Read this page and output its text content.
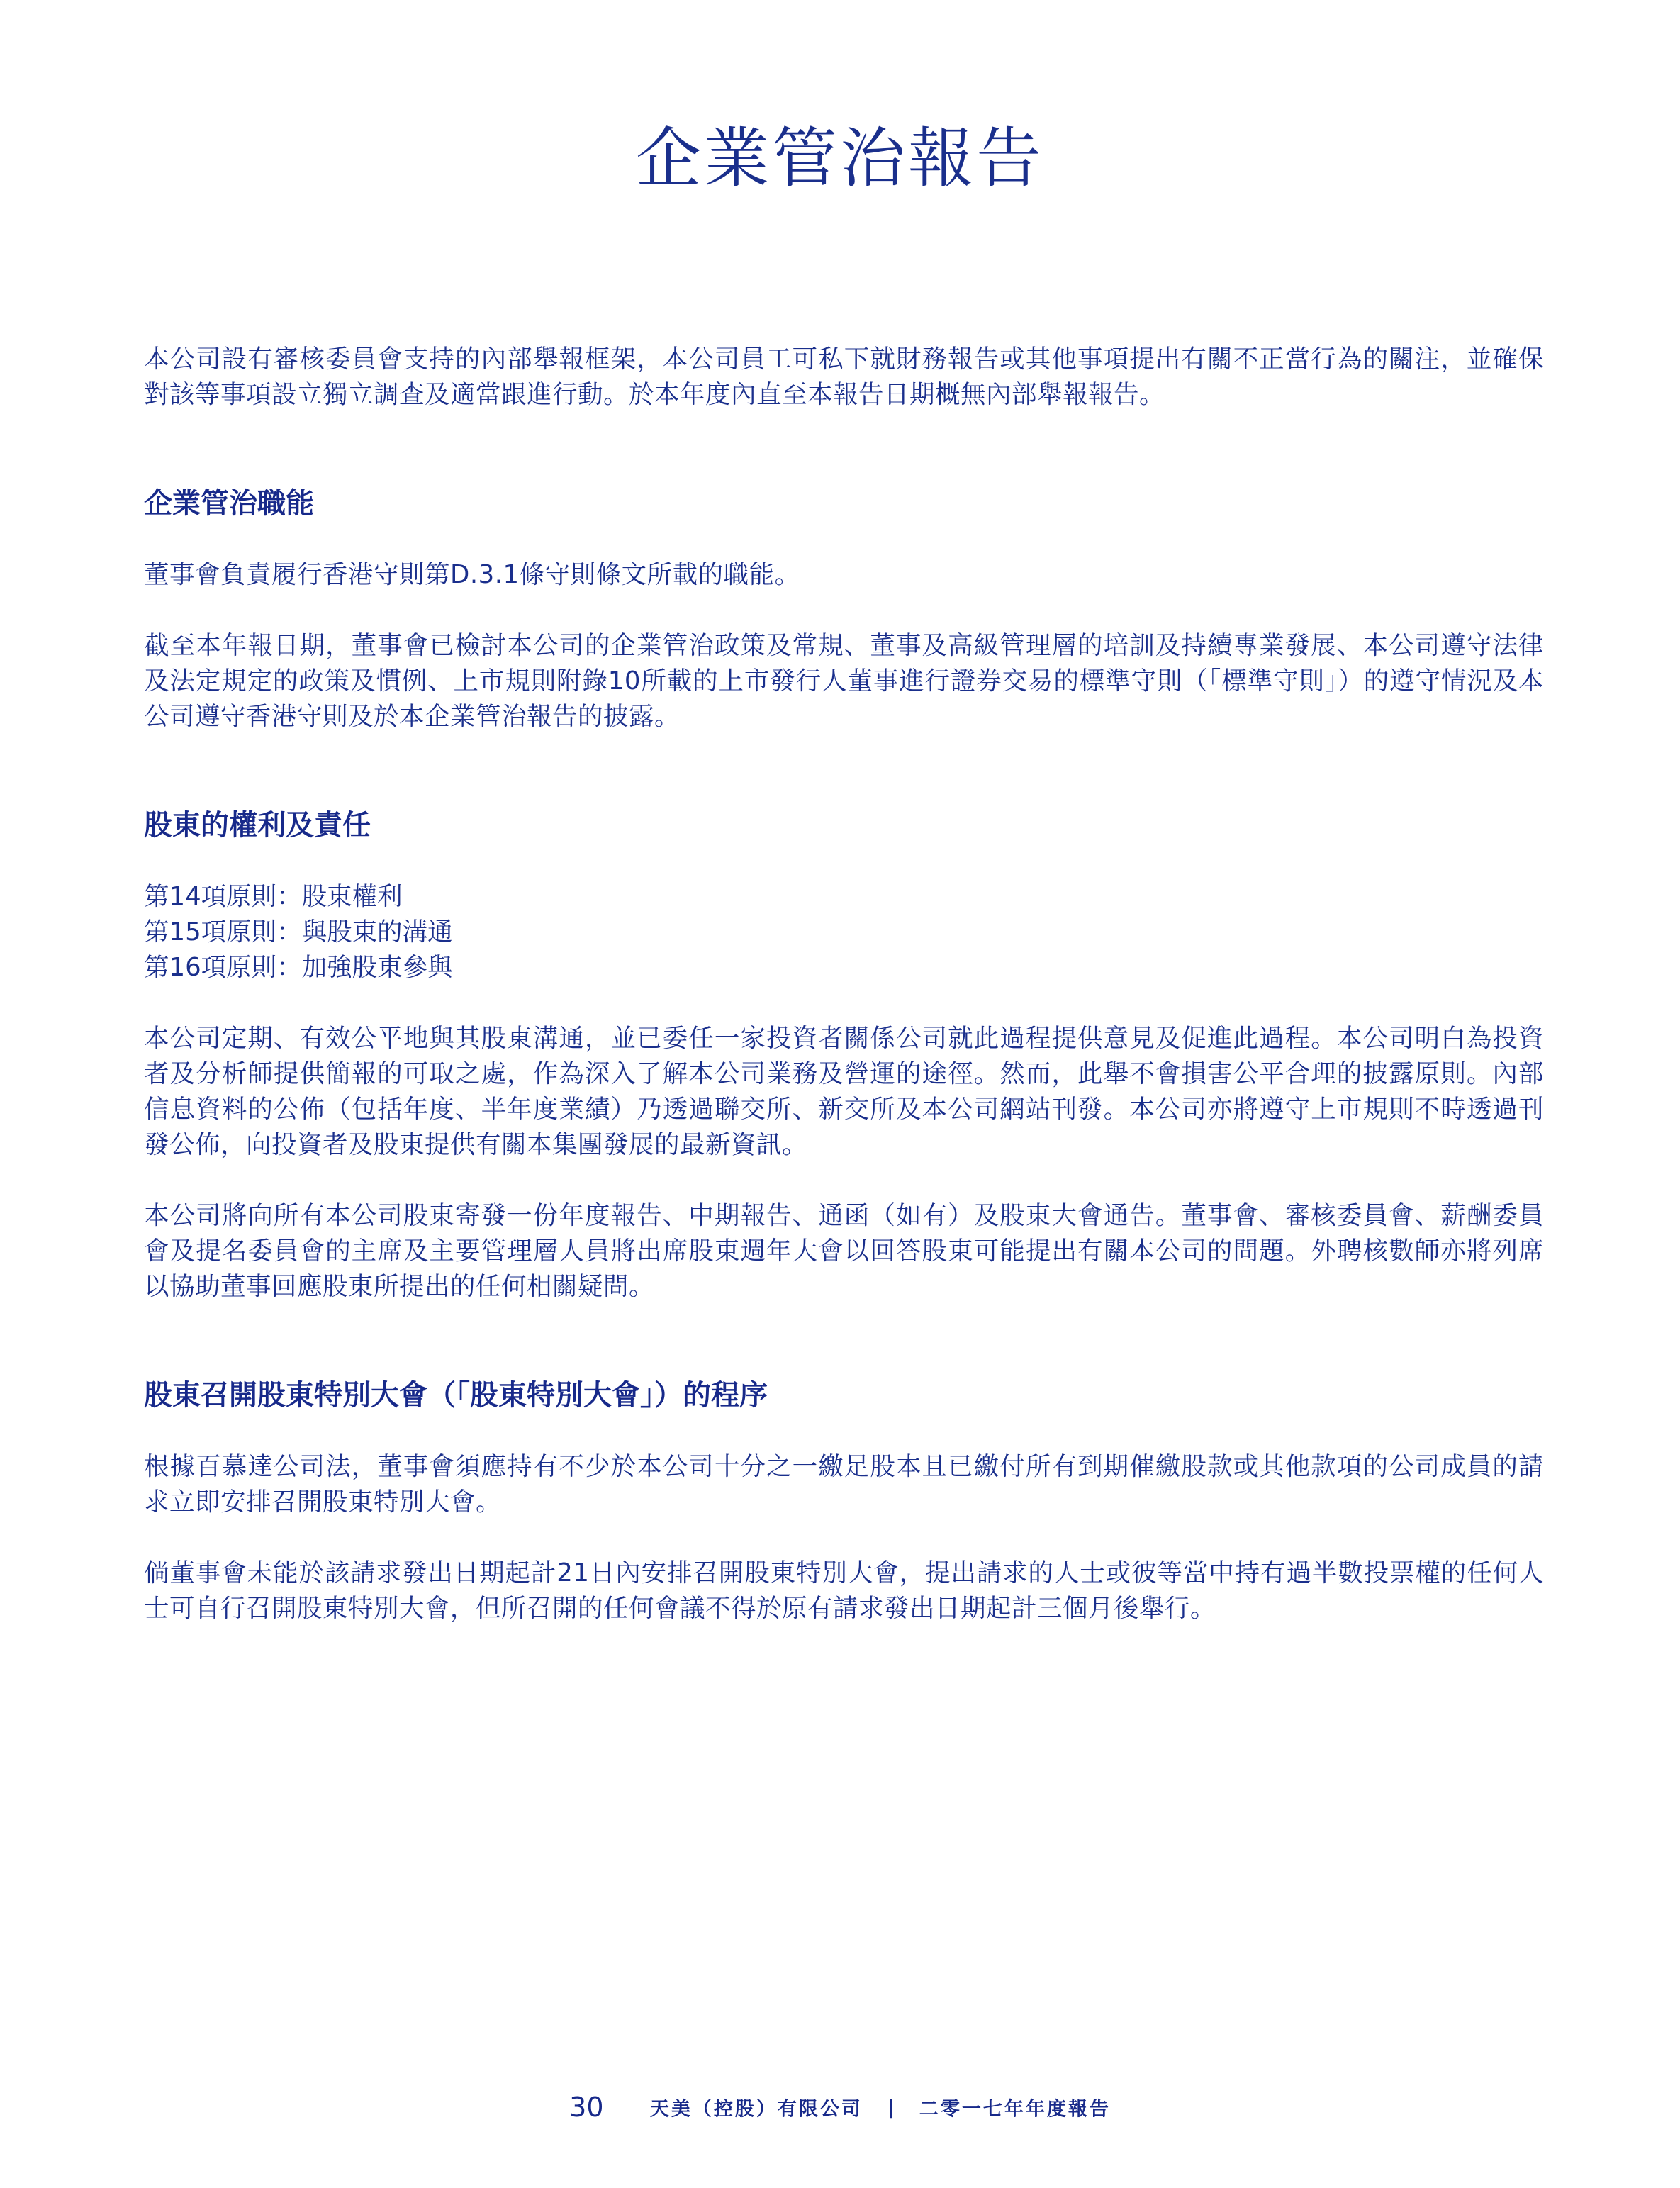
企業管治報告

本公司設有審核委員會支持的內部舉報框架，本公司員工可私下就財務報告或其他事項提出有關不正當行為的關注，並確保對該等事項設立獨立調查及適當跟進行動。於本年度內直至本報告日期概無內部舉報報告。

企業管治職能

董事會負責履行香港守則第D.3.1條守則條文所載的職能。

截至本年報日期，董事會已檢討本公司的企業管治政策及常規、董事及高級管理層的培訓及持續專業發展、本公司遵守法律及法定規定的政策及慣例、上市規則附錄10所載的上市發行人董事進行證券交易的標準守則（「標準守則」）的遵守情況及本公司遵守香港守則及於本企業管治報告的披露。

股東的權利及責任

第14項原則：股東權利

第15項原則：與股東的溝通

第16項原則：加強股東參與

本公司定期、有效公平地與其股東溝通，並已委任一家投資者關係公司就此過程提供意見及促進此過程。本公司明白為投資者及分析師提供簡報的可取之處，作為深入了解本公司業務及營運的途徑。然而，此舉不會損害公平合理的披露原則。內部信息資料的公佈（包括年度、半年度業績）乃透過聯交所、新交所及本公司網站刊發。本公司亦將遵守上市規則不時透過刊發公佈，向投資者及股東提供有關本集團發展的最新資訊。

本公司將向所有本公司股東寄發一份年度報告、中期報告、通函（如有）及股東大會通告。董事會、審核委員會、薪酬委員會及提名委員會的主席及主要管理層人員將出席股東週年大會以回答股東可能提出有關本公司的問題。外聘核數師亦將列席以協助董事回應股東所提出的任何相關疑問。

股東召開股東特別大會（「股東特別大會」）的程序

根據百慕達公司法，董事會須應持有不少於本公司十分之一繳足股本且已繳付所有到期催繳股款或其他款項的公司成員的請求立即安排召開股東特別大會。

倘董事會未能於該請求發出日期起計21日內安排召開股東特別大會，提出請求的人士或彼等當中持有過半數投票權的任何人士可自行召開股東特別大會，但所召開的任何會議不得於原有請求發出日期起計三個月後舉行。

30 天美（控股）有限公司 | 二零一七年年度報告
